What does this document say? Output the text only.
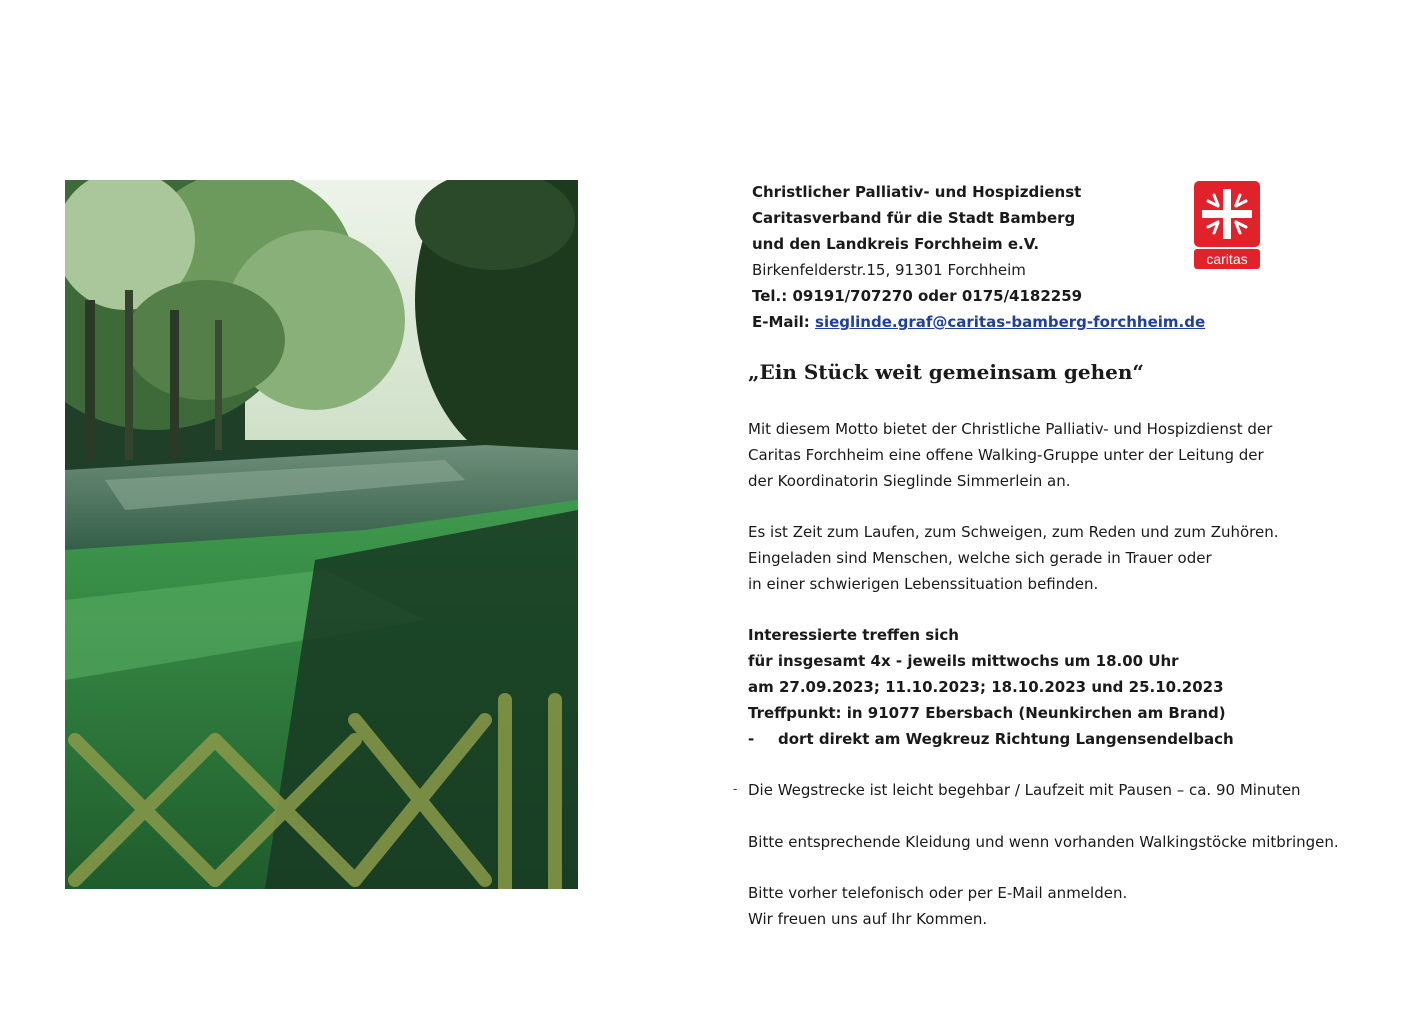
Christlicher Palliativ- und Hospizdienst
Caritasverband für die Stadt Bamberg
und den Landkreis Forchheim e.V.
Birkenfelderstr.15, 91301 Forchheim
Tel.: 09191/707270 oder 0175/4182259
E-Mail: sieglinde.graf@caritas-bamberg-forchheim.de
caritas
„Ein Stück weit gemeinsam gehen“
Mit diesem Motto bietet der Christliche Palliativ- und Hospizdienst der
Caritas Forchheim eine offene Walking-Gruppe unter der Leitung der
der Koordinatorin Sieglinde Simmerlein an.
Es ist Zeit zum Laufen, zum Schweigen, zum Reden und zum Zuhören.
Eingeladen sind Menschen, welche sich gerade in Trauer oder
in einer schwierigen Lebenssituation befinden.
Interessierte treffen sich
für insgesamt 4x - jeweils mittwochs um 18.00 Uhr
am 27.09.2023; 11.10.2023; 18.10.2023 und 25.10.2023
Treffpunkt: in 91077 Ebersbach (Neunkirchen am Brand)
- dort direkt am Wegkreuz Richtung Langensendelbach
- Die Wegstrecke ist leicht begehbar / Laufzeit mit Pausen – ca. 90 Minuten
Bitte entsprechende Kleidung und wenn vorhanden Walkingstöcke mitbringen.
Bitte vorher telefonisch oder per E-Mail anmelden.
Wir freuen uns auf Ihr Kommen.
